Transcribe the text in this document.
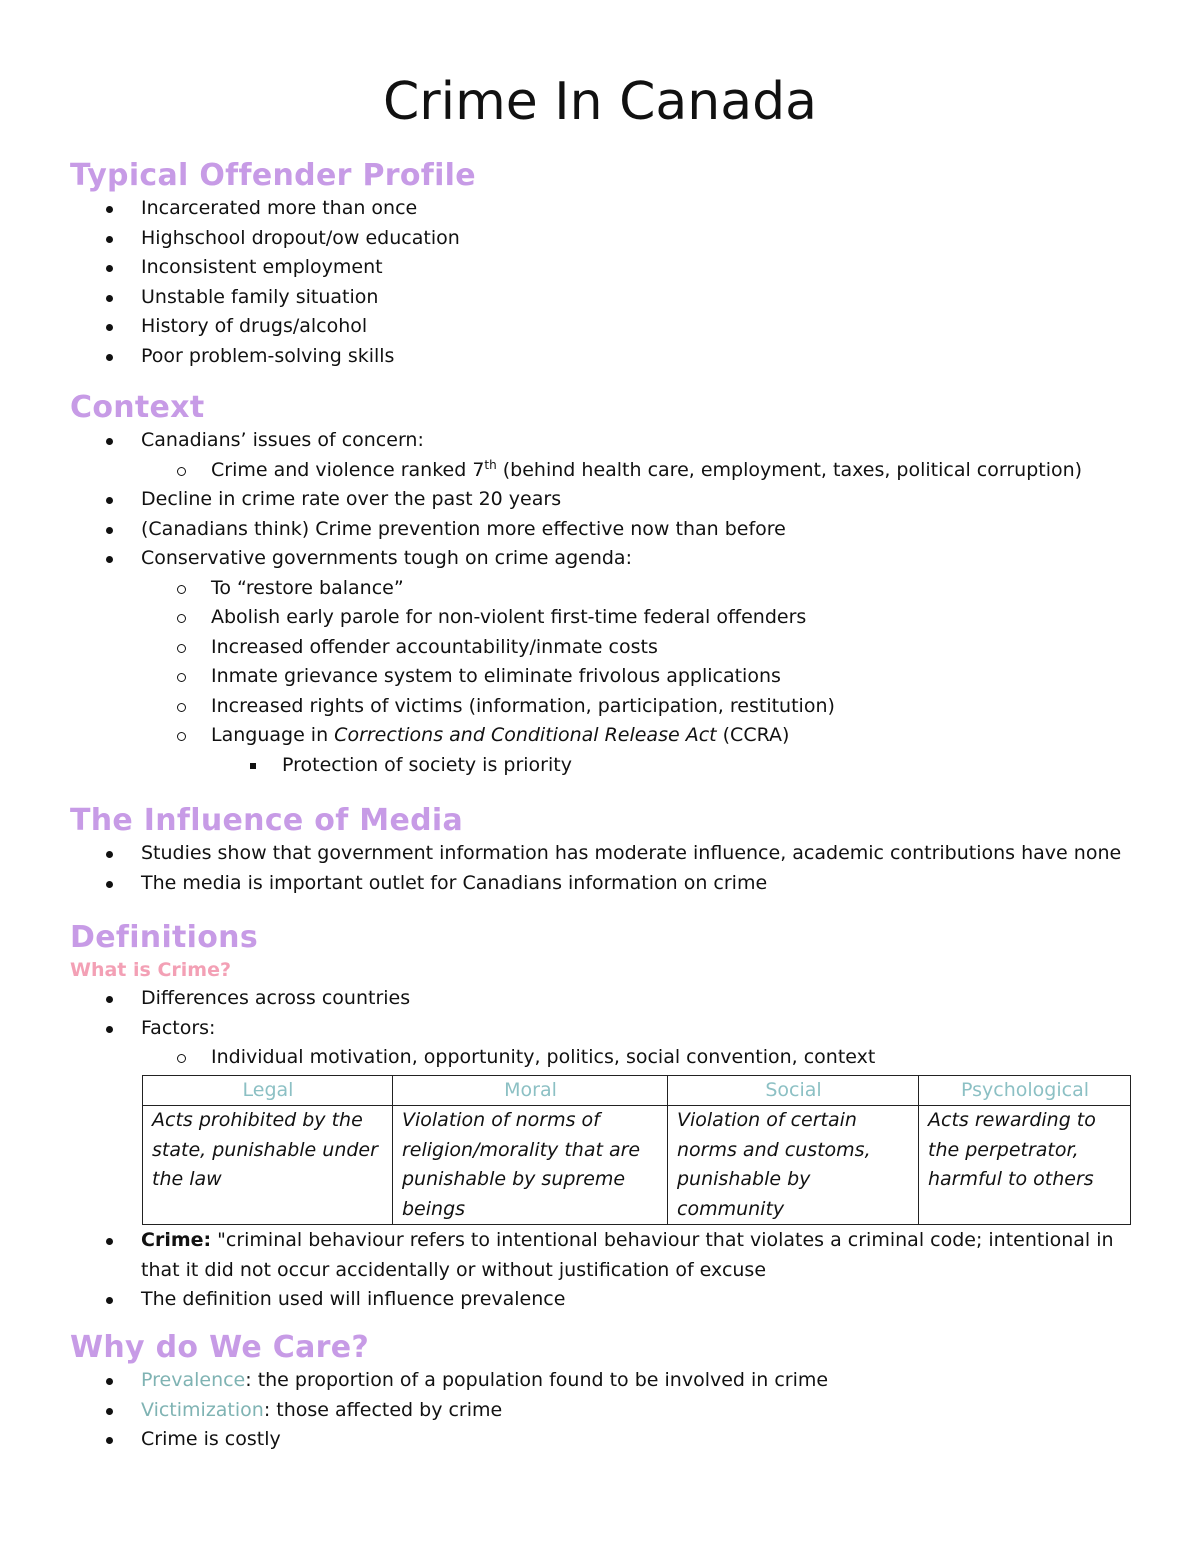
Crime In Canada
Typical Offender Profile
Incarcerated more than once
Highschool dropout/ow education
Inconsistent employment
Unstable family situation
History of drugs/alcohol
Poor problem-solving skills
Context
Canadians’ issues of concern:
Crime and violence ranked 7th (behind health care, employment, taxes, political corruption)
Decline in crime rate over the past 20 years
(Canadians think) Crime prevention more effective now than before
Conservative governments tough on crime agenda:
To “restore balance”
Abolish early parole for non-violent first-time federal offenders
Increased offender accountability/inmate costs
Inmate grievance system to eliminate frivolous applications
Increased rights of victims (information, participation, restitution)
Language in Corrections and Conditional Release Act (CCRA)
Protection of society is priority
The Influence of Media
Studies show that government information has moderate influence, academic contributions have none
The media is important outlet for Canadians information on crime
Definitions
What is Crime?
Differences across countries
Factors:
Individual motivation, opportunity, politics, social convention, context
Legal	Moral	Social	Psychological
Acts prohibited by the state, punishable under the law	Violation of norms of religion/morality that are punishable by supreme beings	Violation of certain norms and customs, punishable by community	Acts rewarding to the perpetrator, harmful to others
Crime: "criminal behaviour refers to intentional behaviour that violates a criminal code; intentional in that it did not occur accidentally or without justification of excuse
The definition used will influence prevalence
Why do We Care?
Prevalence: the proportion of a population found to be involved in crime
Victimization: those affected by crime
Crime is costly
